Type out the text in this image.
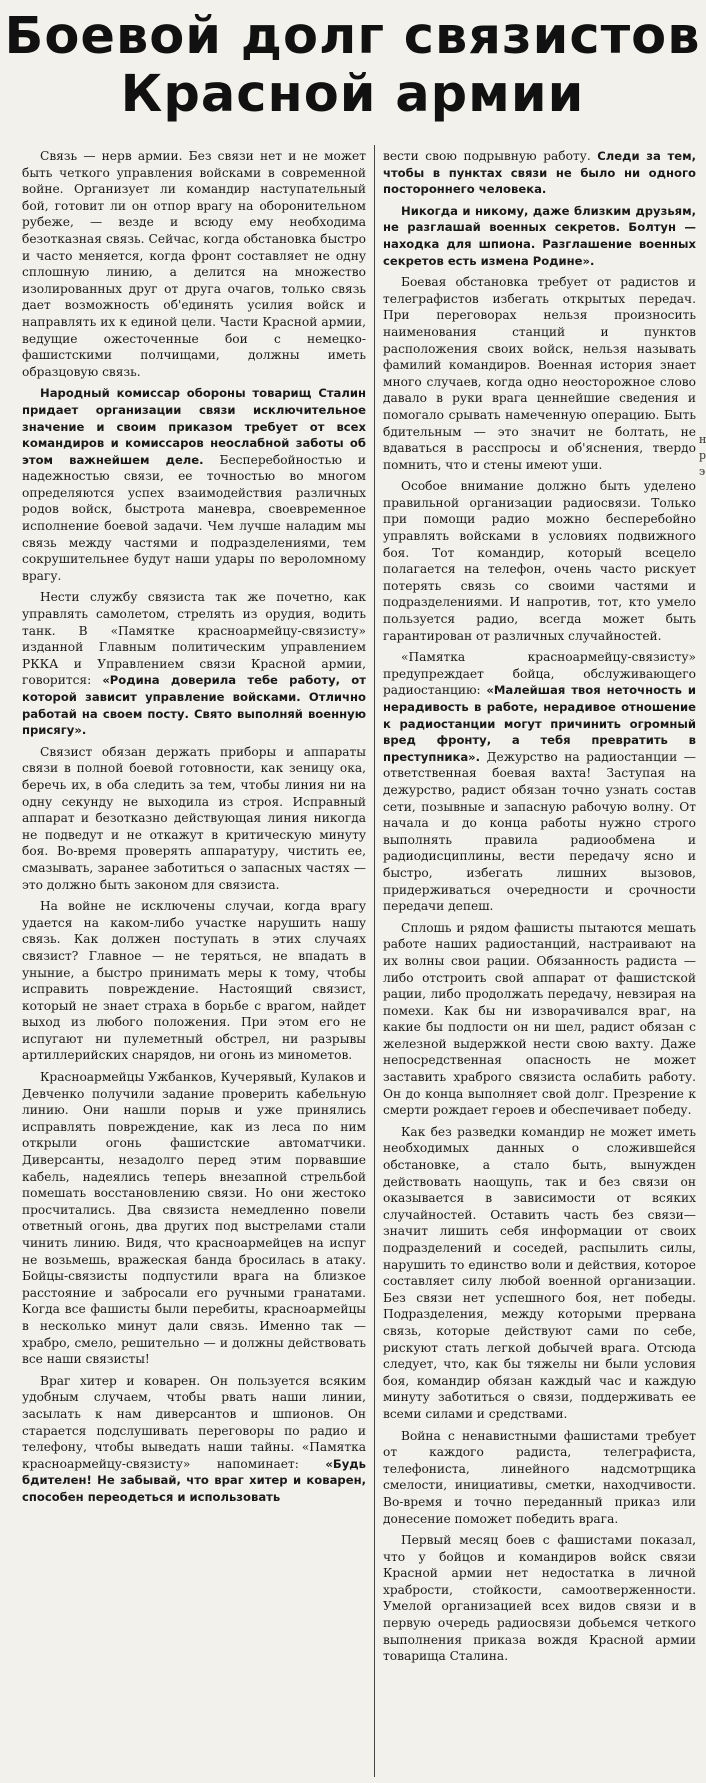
Боевой долг связистов
Красной армии

Связь — нерв армии. Без связи нет и не может быть четкого управления войсками в современной войне. Организует ли командир наступательный бой, готовит ли он отпор врагу на оборонительном рубеже, — везде и всюду ему необходима безотказная связь. Сейчас, когда обстановка быстро и часто меняется, когда фронт составляет не одну сплошную линию, а делится на множество изолированных друг от друга очагов, только связь дает возможность об'единять усилия войск и направлять их к единой цели. Части Красной армии, ведущие ожесточенные бои с немецко-фашистскими полчищами, должны иметь образцовую связь.

Народный комиссар обороны товарищ Сталин придает организации связи исключительное значение и своим приказом требует от всех командиров и комиссаров неослабной заботы об этом важнейшем деле. Бесперебойностью и надежностью связи, ее точностью во многом определяются успех взаимодействия различных родов войск, быстрота маневра, своевременное исполнение боевой задачи. Чем лучше наладим мы связь между частями и подразделениями, тем сокрушительнее будут наши удары по вероломному врагу.

Нести службу связиста так же почетно, как управлять самолетом, стрелять из орудия, водить танк. В «Памятке красноармейцу-связисту» изданной Главным политическим управлением РККА и Управлением связи Красной армии, говорится: «Родина доверила тебе работу, от которой зависит управление войсками. Отлично работай на своем посту. Свято выполняй военную присягу».

Связист обязан держать приборы и аппараты связи в полной боевой готовности, как зеницу ока, беречь их, в оба следить за тем, чтобы линия ни на одну секунду не выходила из строя. Исправный аппарат и безотказно действующая линия никогда не подведут и не откажут в критическую минуту боя. Во-время проверять аппаратуру, чистить ее, смазывать, заранее заботиться о запасных частях — это должно быть законом для связиста.

На войне не исключены случаи, когда врагу удается на каком-либо участке нарушить нашу связь. Как должен поступать в этих случаях связист? Главное — не теряться, не впадать в уныние, а быстро принимать меры к тому, чтобы исправить повреждение. Настоящий связист, который не знает страха в борьбе с врагом, найдет выход из любого положения. При этом его не испугают ни пулеметный обстрел, ни разрывы артиллерийских снарядов, ни огонь из минометов.

Красноармейцы Ужбанков, Кучерявый, Кулаков и Девченко получили задание проверить кабельную линию. Они нашли порыв и уже принялись исправлять повреждение, как из леса по ним открыли огонь фашистские автоматчики. Диверсанты, незадолго перед этим порвавшие кабель, надеялись теперь внезапной стрельбой помешать восстановлению связи. Но они жестоко просчитались. Два связиста немедленно повели ответный огонь, два других под выстрелами стали чинить линию. Видя, что красноармейцев на испуг не возьмешь, вражеская банда бросилась в атаку. Бойцы-связисты подпустили врага на близкое расстояние и забросали его ручными гранатами. Когда все фашисты были перебиты, красноармейцы в несколько минут дали связь. Именно так — храбро, смело, решительно — и должны действовать все наши связисты!

Враг хитер и коварен. Он пользуется всяким удобным случаем, чтобы рвать наши линии, засылать к нам диверсантов и шпионов. Он старается подслушивать переговоры по радио и телефону, чтобы выведать наши тайны. «Памятка красноармейцу-связисту» напоминает: «Будь бдителен! Не забывай, что враг хитер и коварен, способен переодеться и использовать

вести свою подрывную работу. Следи за тем, чтобы в пунктах связи не было ни одного постороннего человека.

Никогда и никому, даже близким друзьям, не разглашай военных секретов. Болтун — находка для шпиона. Разглашение военных секретов есть измена Родине».

Боевая обстановка требует от радистов и телеграфистов избегать открытых передач. При переговорах нельзя произносить наименования станций и пунктов расположения своих войск, нельзя называть фамилий командиров. Военная история знает много случаев, когда одно неосторожное слово давало в руки врага ценнейшие сведения и помогало срывать намеченную операцию. Быть бдительным — это значит не болтать, не вдаваться в расспросы и об'яснения, твердо помнить, что и стены имеют уши.

Особое внимание должно быть уделено правильной организации радиосвязи. Только при помощи радио можно бесперебойно управлять войсками в условиях подвижного боя. Тот командир, который всецело полагается на телефон, очень часто рискует потерять связь со своими частями и подразделениями. И напротив, тот, кто умело пользуется радио, всегда может быть гарантирован от различных случайностей.

«Памятка красноармейцу-связисту» предупреждает бойца, обслуживающего радиостанцию: «Малейшая твоя неточность и нерадивость в работе, нерадивое отношение к радиостанции могут причинить огромный вред фронту, а тебя превратить в преступника». Дежурство на радиостанции — ответственная боевая вахта! Заступая на дежурство, радист обязан точно узнать состав сети, позывные и запасную рабочую волну. От начала и до конца работы нужно строго выполнять правила радиообмена и радиодисциплины, вести передачу ясно и быстро, избегать лишних вызовов, придерживаться очередности и срочности передачи депеш.

Сплошь и рядом фашисты пытаются мешать работе наших радиостанций, настраивают на их волны свои рации. Обязанность радиста — либо отстроить свой аппарат от фашистской рации, либо продолжать передачу, невзирая на помехи. Как бы ни изворачивался враг, на какие бы подлости он ни шел, радист обязан с железной выдержкой нести свою вахту. Даже непосредственная опасность не может заставить храброго связиста ослабить работу. Он до конца выполняет свой долг. Презрение к смерти рождает героев и обеспечивает победу.

Как без разведки командир не может иметь необходимых данных о сложившейся обстановке, а стало быть, вынужден действовать наощупь, так и без связи он оказывается в зависимости от всяких случайностей. Оставить часть без связи—значит лишить себя информации от своих подразделений и соседей, распылить силы, нарушить то единство воли и действия, которое составляет силу любой военной организации. Без связи нет успешного боя, нет победы. Подразделения, между которыми прервана связь, которые действуют сами по себе, рискуют стать легкой добычей врага. Отсюда следует, что, как бы тяжелы ни были условия боя, командир обязан каждый час и каждую минуту заботиться о связи, поддерживать ее всеми силами и средствами.

Война с ненавистными фашистами требует от каждого радиста, телеграфиста, телефониста, линейного надсмотрщика смелости, инициативы, сметки, находчивости. Во-время и точно переданный приказ или донесение поможет победить врага.

Первый месяц боев с фашистами показал, что у бойцов и командиров войск связи Красной армии нет недостатка в личной храбрости, стойкости, самоотверженности. Умелой организацией всех видов связи и в первую очередь радиосвязи добьемся четкого выполнения приказа вождя Красной армии товарища Сталина.

н
р
э
